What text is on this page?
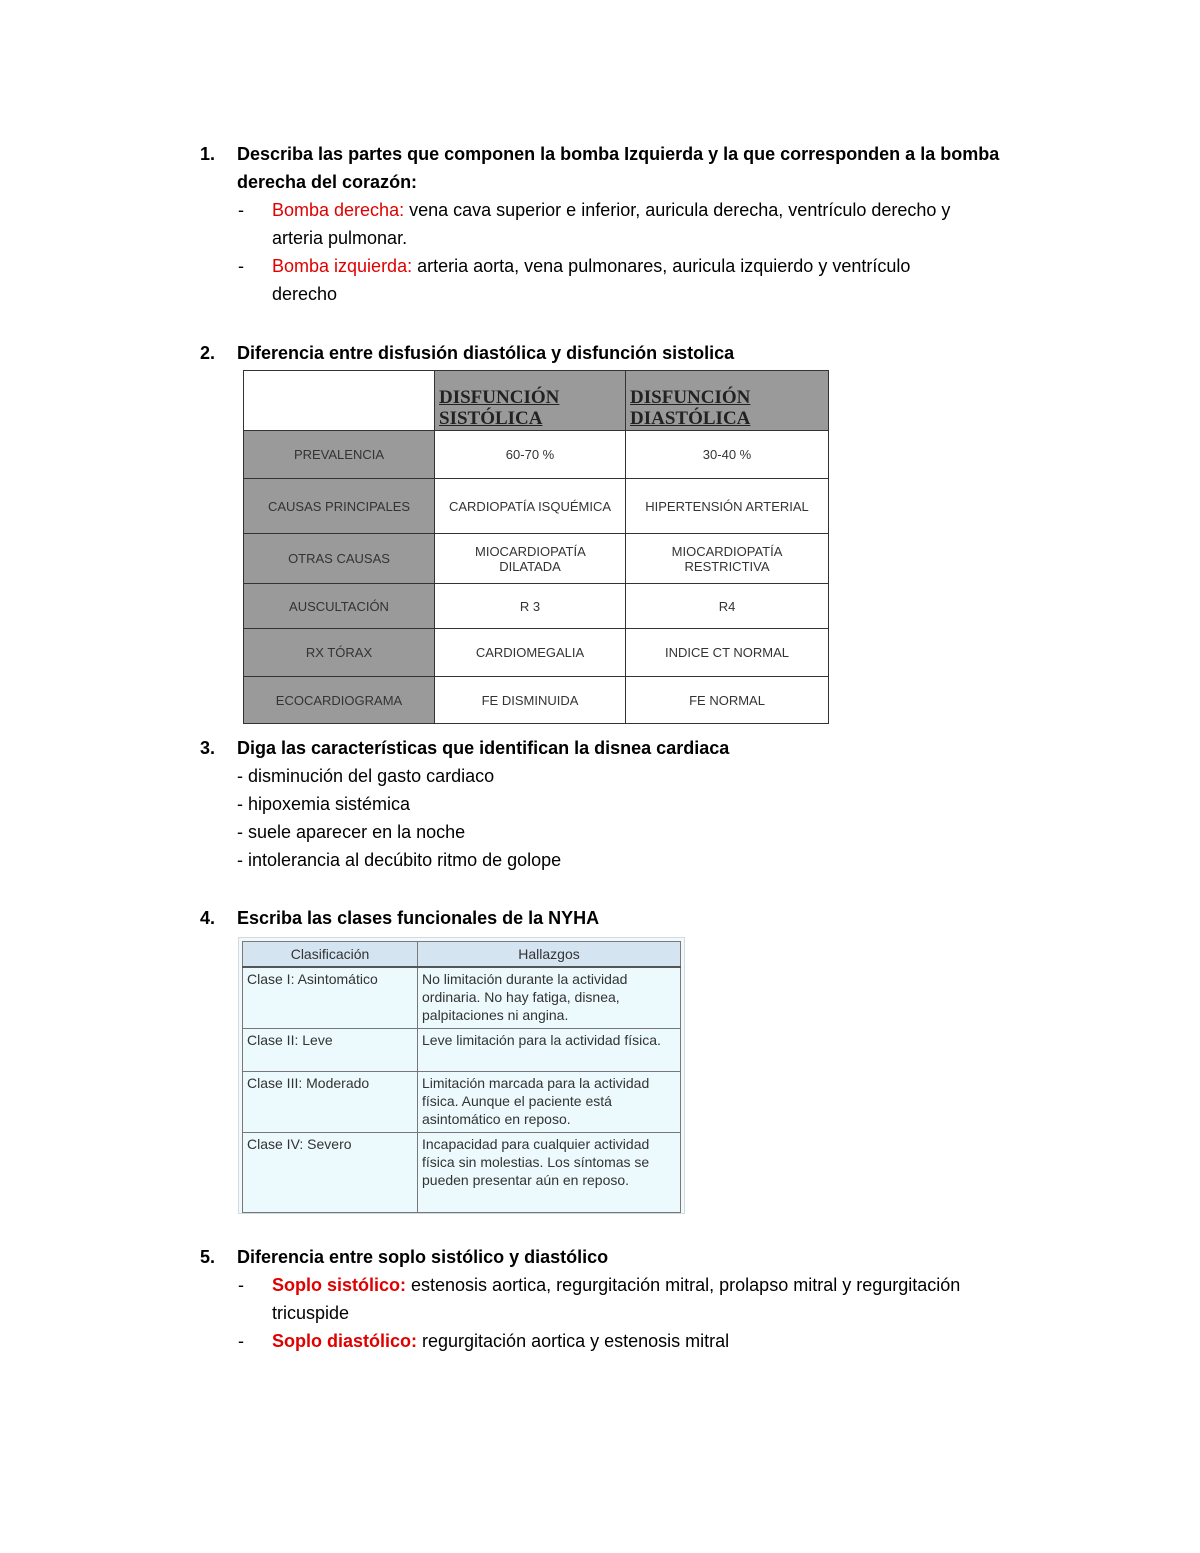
1. Describa las partes que componen la bomba Izquierda y la que corresponden a la bomba
derecha del corazón:
- Bomba derecha: vena cava superior e inferior, auricula derecha, ventrículo derecho y
arteria pulmonar.
- Bomba izquierda: arteria aorta, vena pulmonares, auricula izquierdo y ventrículo
derecho
2. Diferencia entre disfusión diastólica y disfunción sistolica
	DISFUNCIÓN SISTÓLICA	DISFUNCIÓN DIASTÓLICA
PREVALENCIA	60-70 %	30-40 %
CAUSAS PRINCIPALES	CARDIOPATÍA ISQUÉMICA	HIPERTENSIÓN ARTERIAL
OTRAS CAUSAS	MIOCARDIOPATÍA DILATADA	MIOCARDIOPATÍA RESTRICTIVA
AUSCULTACIÓN	R 3	R4
RX TÓRAX	CARDIOMEGALIA	INDICE CT NORMAL
ECOCARDIOGRAMA	FE DISMINUIDA	FE NORMAL
3. Diga las características que identifican la disnea cardiaca
- disminución del gasto cardiaco
- hipoxemia sistémica
- suele aparecer en la noche
- intolerancia al decúbito ritmo de golope
4. Escriba las clases funcionales de la NYHA
Clasificación	Hallazgos
Clase I: Asintomático	No limitación durante la actividad ordinaria. No hay fatiga, disnea, palpitaciones ni angina.
Clase II: Leve	Leve limitación para la actividad física.
Clase III: Moderado	Limitación marcada para la actividad física. Aunque el paciente está asintomático en reposo.
Clase IV: Severo	Incapacidad para cualquier actividad física sin molestias. Los síntomas se pueden presentar aún en reposo.
5. Diferencia entre soplo sistólico y diastólico
- Soplo sistólico: estenosis aortica, regurgitación mitral, prolapso mitral y regurgitación
tricuspide
- Soplo diastólico: regurgitación aortica y estenosis mitral
